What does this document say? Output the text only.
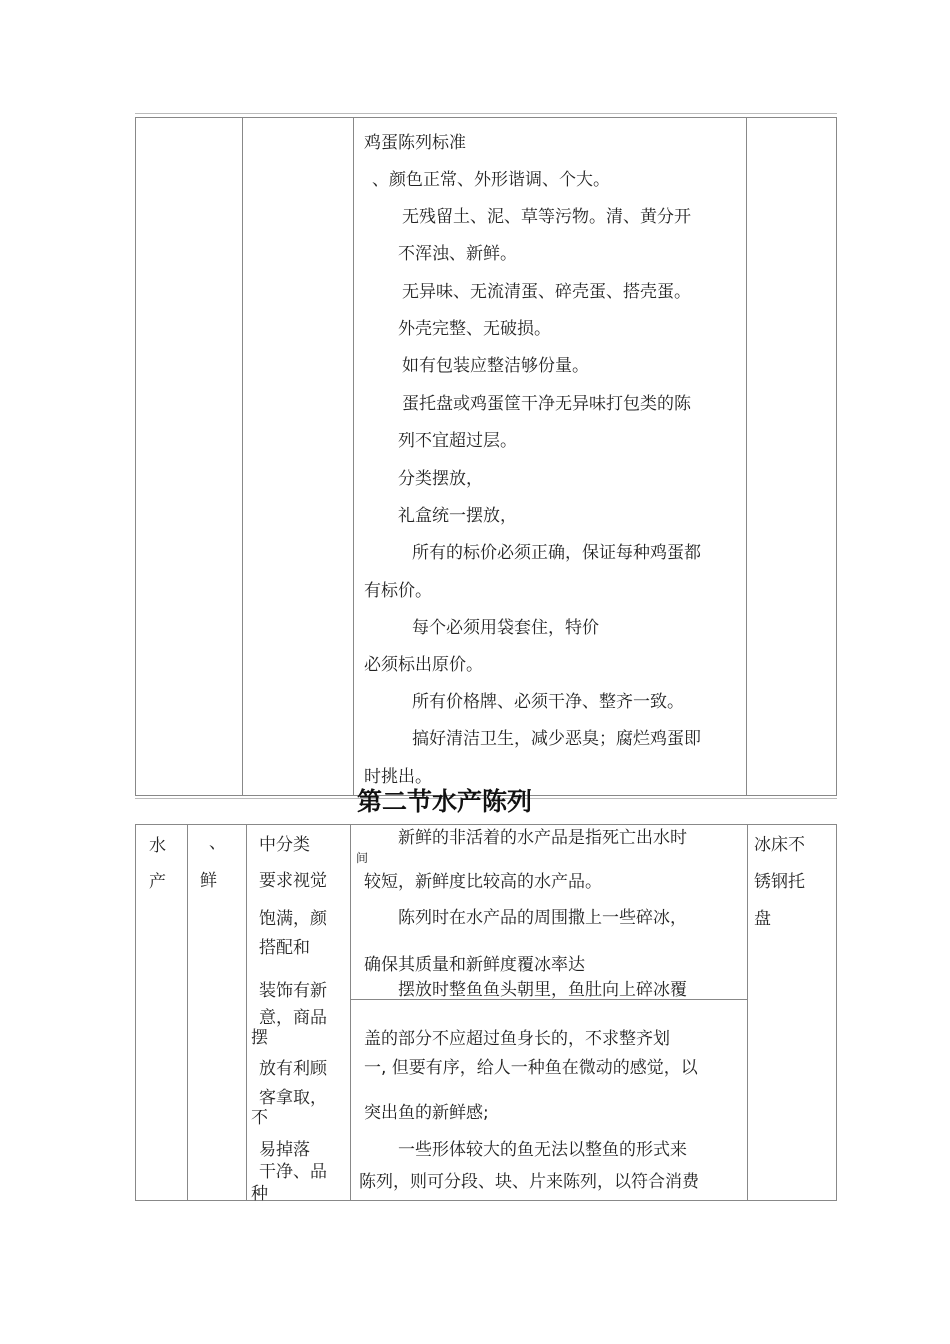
鸡蛋陈列标准
、颜色正常、外形谐调、个大。
无残留土、泥、草等污物。清、黄分开
不浑浊、新鲜。
无异味、无流清蛋、碎壳蛋、搭壳蛋。
外壳完整、无破损。
如有包装应整洁够份量。
蛋托盘或鸡蛋筐干净无异味打包类的陈
列不宜超过层。
分类摆放，
礼盒统一摆放，
所有的标价必须正确，保证每种鸡蛋都
有标价。
每个必须用袋套住，特价
必须标出原价。
所有价格牌、必须干净、整齐一致。
搞好清洁卫生，减少恶臭；腐烂鸡蛋即
时挑出。
第二节水产陈列
水
产
、
鲜
中分类
要求视觉
饱满，颜
搭配和
装饰有新
意，商品
摆
放有利顾
客拿取，
不
易掉落
干净、品
种
新鲜的非活着的水产品是指死亡出水时
间
较短，新鲜度比较高的水产品。
陈列时在水产品的周围撒上一些碎冰，
确保其质量和新鲜度覆冰率达
摆放时整鱼鱼头朝里，鱼肚向上碎冰覆
盖的部分不应超过鱼身长的，不求整齐划
一, 但要有序，给人一种鱼在微动的感觉，以
突出鱼的新鲜感;
一些形体较大的鱼无法以整鱼的形式来
陈列，则可分段、块、片来陈列，以符合消费
冰床不
锈钢托
盘
